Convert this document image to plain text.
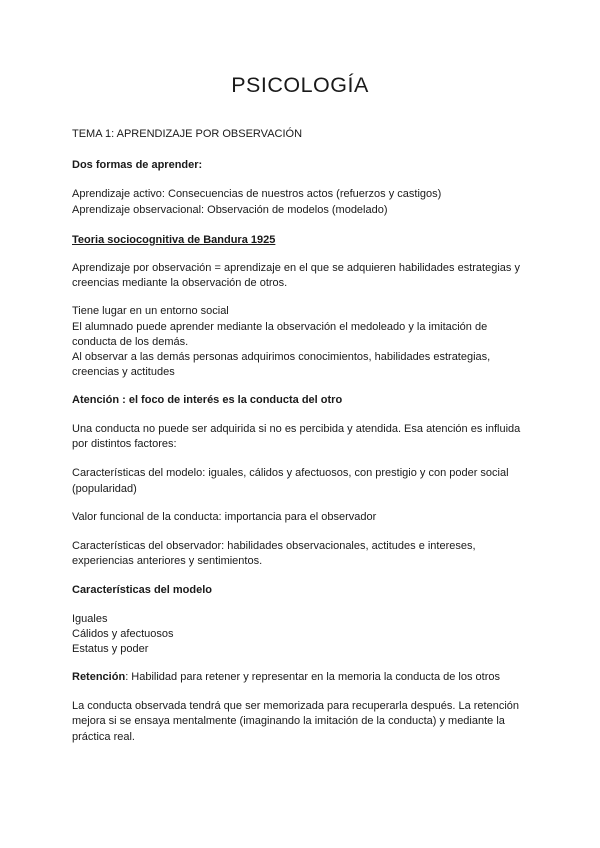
PSICOLOGÍA

TEMA 1: APRENDIZAJE POR OBSERVACIÓN

Dos formas de aprender:

Aprendizaje activo: Consecuencias de nuestros actos (refuerzos y castigos)

Aprendizaje observacional: Observación de modelos (modelado)

Teoria sociocognitiva de Bandura 1925

Aprendizaje por observación = aprendizaje en el que se adquieren habilidades estrategias y

creencias mediante la observación de otros.

Tiene lugar en un entorno social

El alumnado puede aprender mediante la observación el medoleado y la imitación de

conducta de los demás.

Al observar a las demás personas adquirimos conocimientos, habilidades estrategias,

creencias y actitudes

Atención : el foco de interés es la conducta del otro

Una conducta no puede ser adquirida si no es percibida y atendida. Esa atención es influida

por distintos factores:

Características del modelo: iguales, cálidos y afectuosos, con prestigio y con poder social

(popularidad)

Valor funcional de la conducta: importancia para el observador

Características del observador: habilidades observacionales, actitudes e intereses,

experiencias anteriores y sentimientos.

Características del modelo

Iguales

Cálidos y afectuosos

Estatus y poder

Retención: Habilidad para retener y representar en la memoria la conducta de los otros

La conducta observada tendrá que ser memorizada para recuperarla después. La retención

mejora si se ensaya mentalmente (imaginando la imitación de la conducta) y mediante la

práctica real.
